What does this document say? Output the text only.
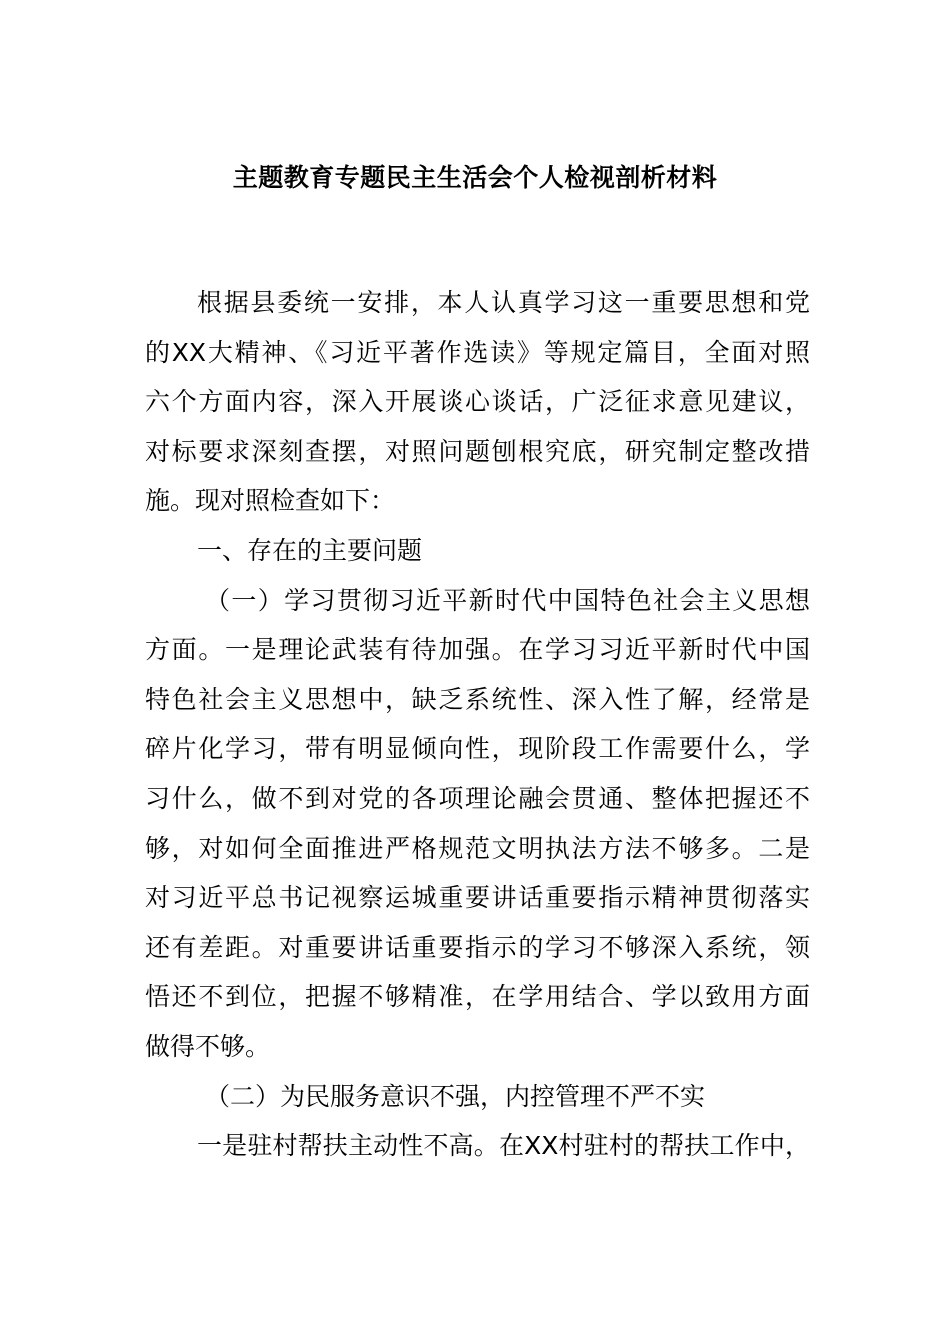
主题教育专题民主生活会个人检视剖析材料
根据县委统一安排，本人认真学习这一重要思想和党
的XX大精神、《习近平著作选读》等规定篇目，全面对照
六个方面内容，深入开展谈心谈话，广泛征求意见建议，
对标要求深刻查摆，对照问题刨根究底，研究制定整改措
施。现对照检查如下：
一、存在的主要问题
（一）学习贯彻习近平新时代中国特色社会主义思想
方面。一是理论武装有待加强。在学习习近平新时代中国
特色社会主义思想中，缺乏系统性、深入性了解，经常是
碎片化学习，带有明显倾向性，现阶段工作需要什么，学
习什么，做不到对党的各项理论融会贯通、整体把握还不
够，对如何全面推进严格规范文明执法方法不够多。二是
对习近平总书记视察运城重要讲话重要指示精神贯彻落实
还有差距。对重要讲话重要指示的学习不够深入系统，领
悟还不到位，把握不够精准，在学用结合、学以致用方面
做得不够。
（二）为民服务意识不强，内控管理不严不实
一是驻村帮扶主动性不高。在XX村驻村的帮扶工作中，
